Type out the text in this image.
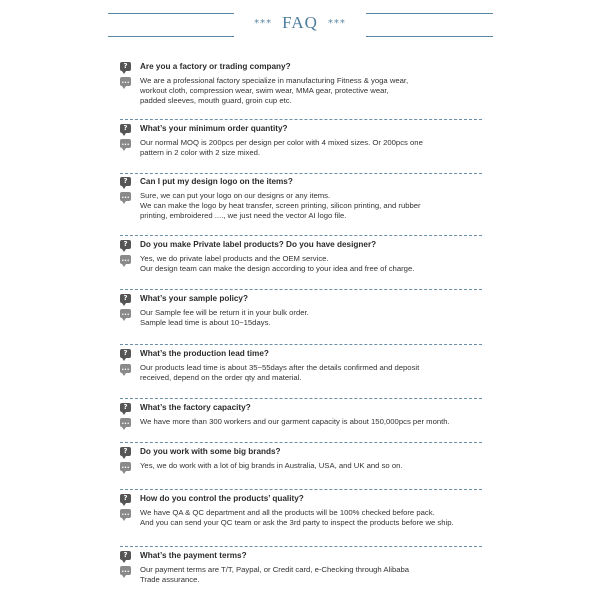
*** FAQ ***
?	Are you a factory or trading company?
... We are a professional factory specialize in manufacturing Fitness & yoga wear,
workout cloth, compression wear, swim wear, MMA gear, protective wear,
padded sleeves, mouth guard, groin cup etc.
?	What’s your minimum order quantity?
... Our normal MOQ is 200pcs per design per color with 4 mixed sizes. Or 200pcs one
pattern in 2 color with 2 size mixed.
?	Can I put my design logo on the items?
... Sure, we can put your logo on our designs or any items.
We can make the logo by heat transfer, screen printing, silicon printing, and rubber
printing, embroidered ...., we just need the vector AI logo file.
?	Do you make Private label products? Do you have designer?
... Yes, we do private label products and the OEM service.
Our design team can make the design according to your idea and free of charge.
?	What’s your sample policy?
... Our Sample fee will be return it in your bulk order.
Sample lead time is about 10~15days.
?	What’s the production lead time?
... Our products lead time is about 35~55days after the details confirmed and deposit
received, depend on the order qty and material.
?	What’s the factory capacity?
... We have more than 300 workers and our garment capacity is about 150,000pcs per month.
?	Do you work with some big brands?
... Yes, we do work with a lot of big brands in Australia, USA, and UK and so on.
?	How do you control the products’ quality?
... We have QA & QC department and all the products will be 100% checked before pack.
And you can send your QC team or ask the 3rd party to inspect the products before we ship.
?	What’s the payment terms?
... Our payment terms are T/T, Paypal, or Credit card, e-Checking through Alibaba
Trade assurance.
